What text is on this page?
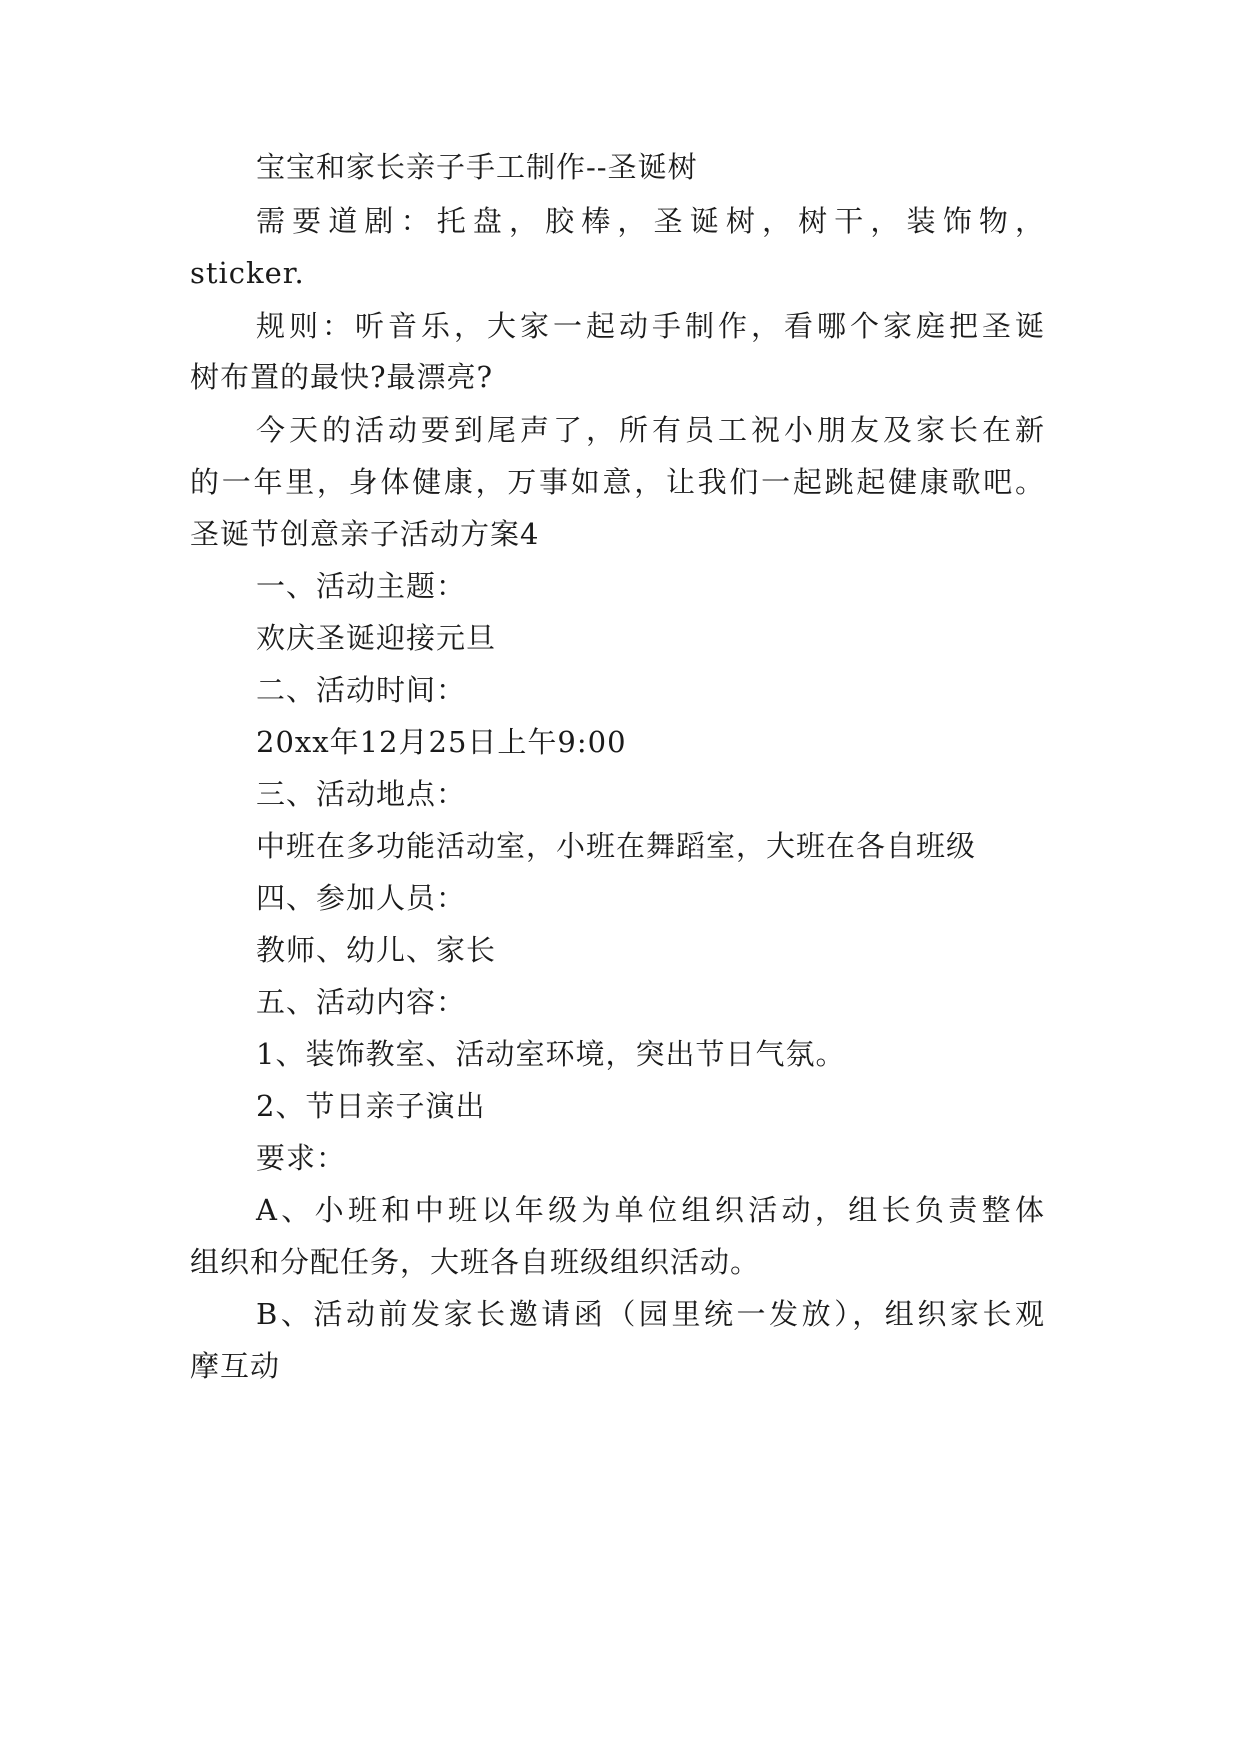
宝宝和家长亲子手工制作--圣诞树
需要道剧：托盘，胶棒，圣诞树，树干，装饰物，
sticker.
规则：听音乐，大家一起动手制作，看哪个家庭把圣诞
树布置的最快?最漂亮?
今天的活动要到尾声了，所有员工祝小朋友及家长在新
的一年里，身体健康，万事如意，让我们一起跳起健康歌吧。
圣诞节创意亲子活动方案4
一、活动主题：
欢庆圣诞迎接元旦
二、活动时间：
20xx年12月25日上午9:00
三、活动地点：
中班在多功能活动室，小班在舞蹈室，大班在各自班级
四、参加人员：
教师、幼儿、家长
五、活动内容：
1、装饰教室、活动室环境，突出节日气氛。
2、节日亲子演出
要求：
A、小班和中班以年级为单位组织活动，组长负责整体
组织和分配任务，大班各自班级组织活动。
B、活动前发家长邀请函（园里统一发放），组织家长观
摩互动
